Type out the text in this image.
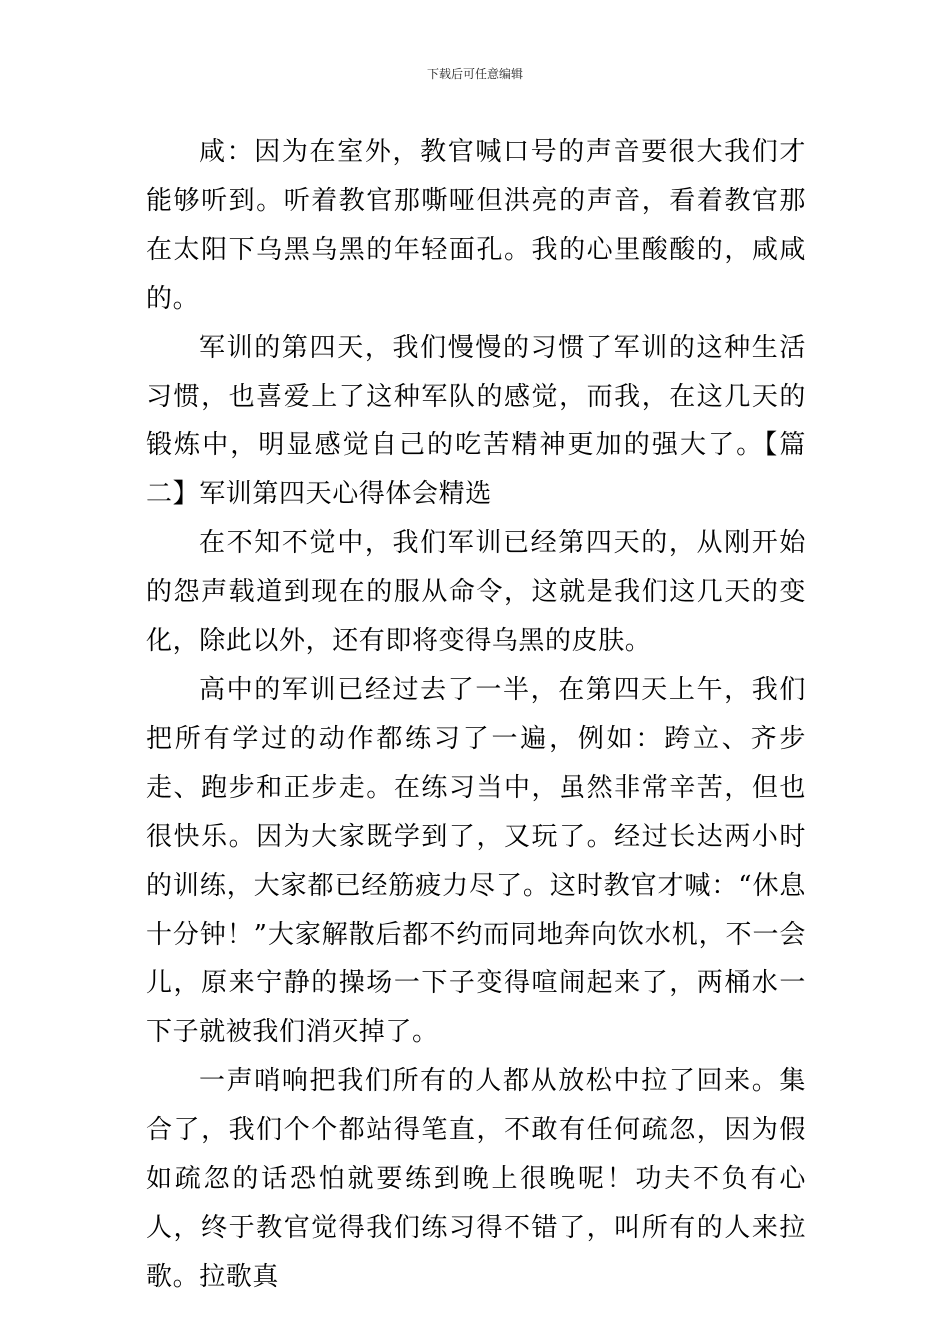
下载后可任意编辑

咸：因为在室外，教官喊口号的声音要很大我们才能够听到。听着教官那嘶哑但洪亮的声音，看着教官那在太阳下乌黑乌黑的年轻面孔。我的心里酸酸的，咸咸的。

军训的第四天，我们慢慢的习惯了军训的这种生活习惯，也喜爱上了这种军队的感觉，而我，在这几天的锻炼中，明显感觉自己的吃苦精神更加的强大了。【篇二】军训第四天心得体会精选

在不知不觉中，我们军训已经第四天的，从刚开始的怨声载道到现在的服从命令，这就是我们这几天的变化，除此以外，还有即将变得乌黑的皮肤。

高中的军训已经过去了一半，在第四天上午，我们把所有学过的动作都练习了一遍，例如：跨立、齐步走、跑步和正步走。在练习当中，虽然非常辛苦，但也很快乐。因为大家既学到了，又玩了。经过长达两小时的训练，大家都已经筋疲力尽了。这时教官才喊：“休息十分钟！”大家解散后都不约而同地奔向饮水机，不一会儿，原来宁静的操场一下子变得喧闹起来了，两桶水一下子就被我们消灭掉了。

一声哨响把我们所有的人都从放松中拉了回来。集合了，我们个个都站得笔直，不敢有任何疏忽，因为假如疏忽的话恐怕就要练到晚上很晚呢！功夫不负有心人，终于教官觉得我们练习得不错了，叫所有的人来拉歌。拉歌真
